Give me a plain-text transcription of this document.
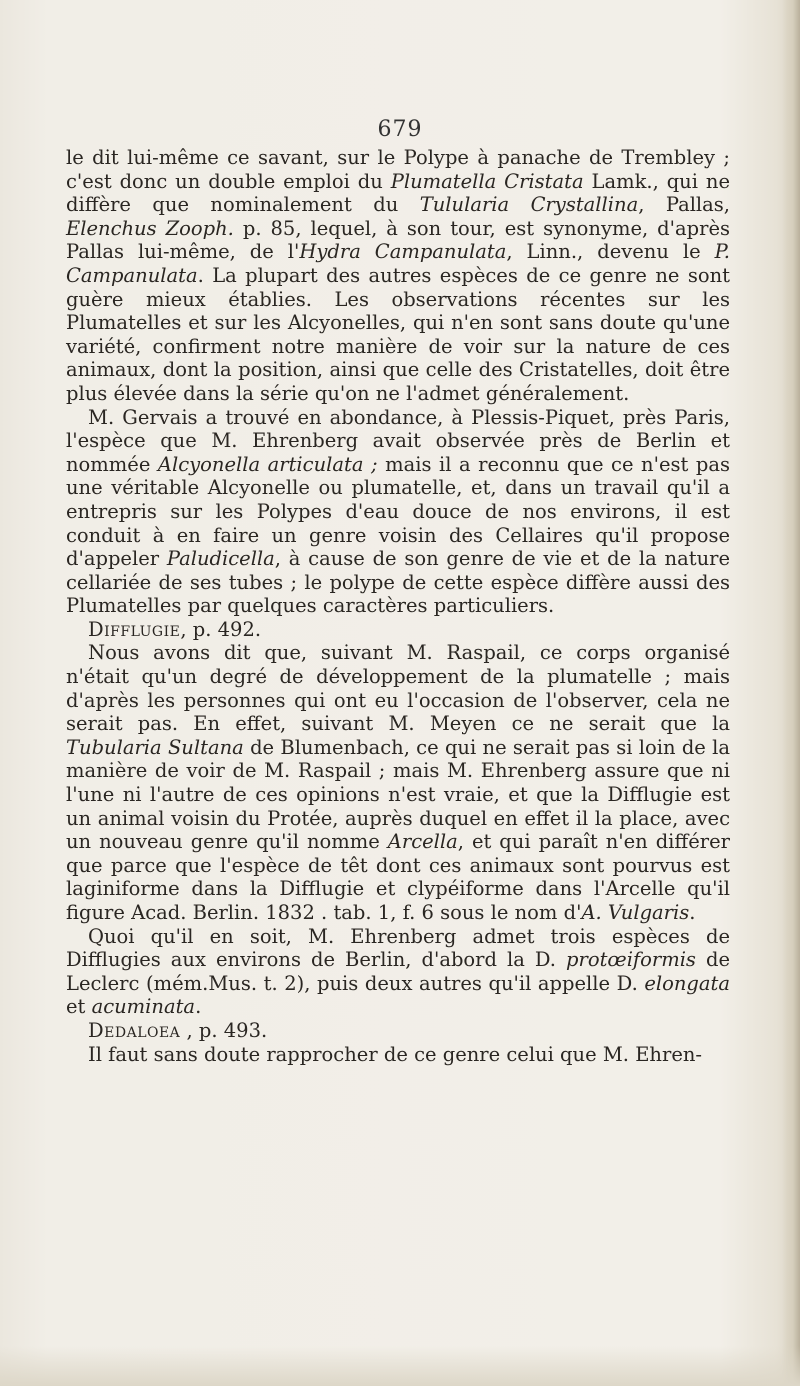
679

le dit lui-même ce savant, sur le Polype à panache de Trembley ; c'est donc un double emploi du Plumatella Cristata Lamk., qui ne diffère que nominalement du Tulularia Crystallina, Pallas, Elenchus Zooph. p. 85, lequel, à son tour, est synonyme, d'après Pallas lui-même, de l'Hydra Campanulata, Linn., devenu le P. Campanulata. La plupart des autres espèces de ce genre ne sont guère mieux établies. Les observations récentes sur les Plumatelles et sur les Alcyonelles, qui n'en sont sans doute qu'une variété, confirment notre manière de voir sur la nature de ces animaux, dont la position, ainsi que celle des Cristatelles, doit être plus élevée dans la série qu'on ne l'admet généralement.

M. Gervais a trouvé en abondance, à Plessis-Piquet, près Paris, l'espèce que M. Ehrenberg avait observée près de Berlin et nommée Alcyonella articulata ; mais il a reconnu que ce n'est pas une véritable Alcyonelle ou plumatelle, et, dans un travail qu'il a entrepris sur les Polypes d'eau douce de nos environs, il est conduit à en faire un genre voisin des Cellaires qu'il propose d'appeler Paludicella, à cause de son genre de vie et de la nature cellariée de ses tubes ; le polype de cette espèce diffère aussi des Plumatelles par quelques caractères particuliers.

Difflugie, p. 492.

Nous avons dit que, suivant M. Raspail, ce corps organisé n'était qu'un degré de développement de la plumatelle ; mais d'après les personnes qui ont eu l'occasion de l'observer, cela ne serait pas. En effet, suivant M. Meyen ce ne serait que la Tubularia Sultana de Blumenbach, ce qui ne serait pas si loin de la manière de voir de M. Raspail ; mais M. Ehrenberg assure que ni l'une ni l'autre de ces opinions n'est vraie, et que la Difflugie est un animal voisin du Protée, auprès duquel en effet il la place, avec un nouveau genre qu'il nomme Arcella, et qui paraît n'en différer que parce que l'espèce de têt dont ces animaux sont pourvus est laginiforme dans la Difflugie et clypéiforme dans l'Arcelle qu'il figure Acad. Berlin. 1832 . tab. 1, f. 6 sous le nom d'A. Vulgaris.

Quoi qu'il en soit, M. Ehrenberg admet trois espèces de Difflugies aux environs de Berlin, d'abord la D. protœiformis de Leclerc (mém.Mus. t. 2), puis deux autres qu'il appelle D. elongata et acuminata.

Dedaloea , p. 493.

Il faut sans doute rapprocher de ce genre celui que M. Ehren-
